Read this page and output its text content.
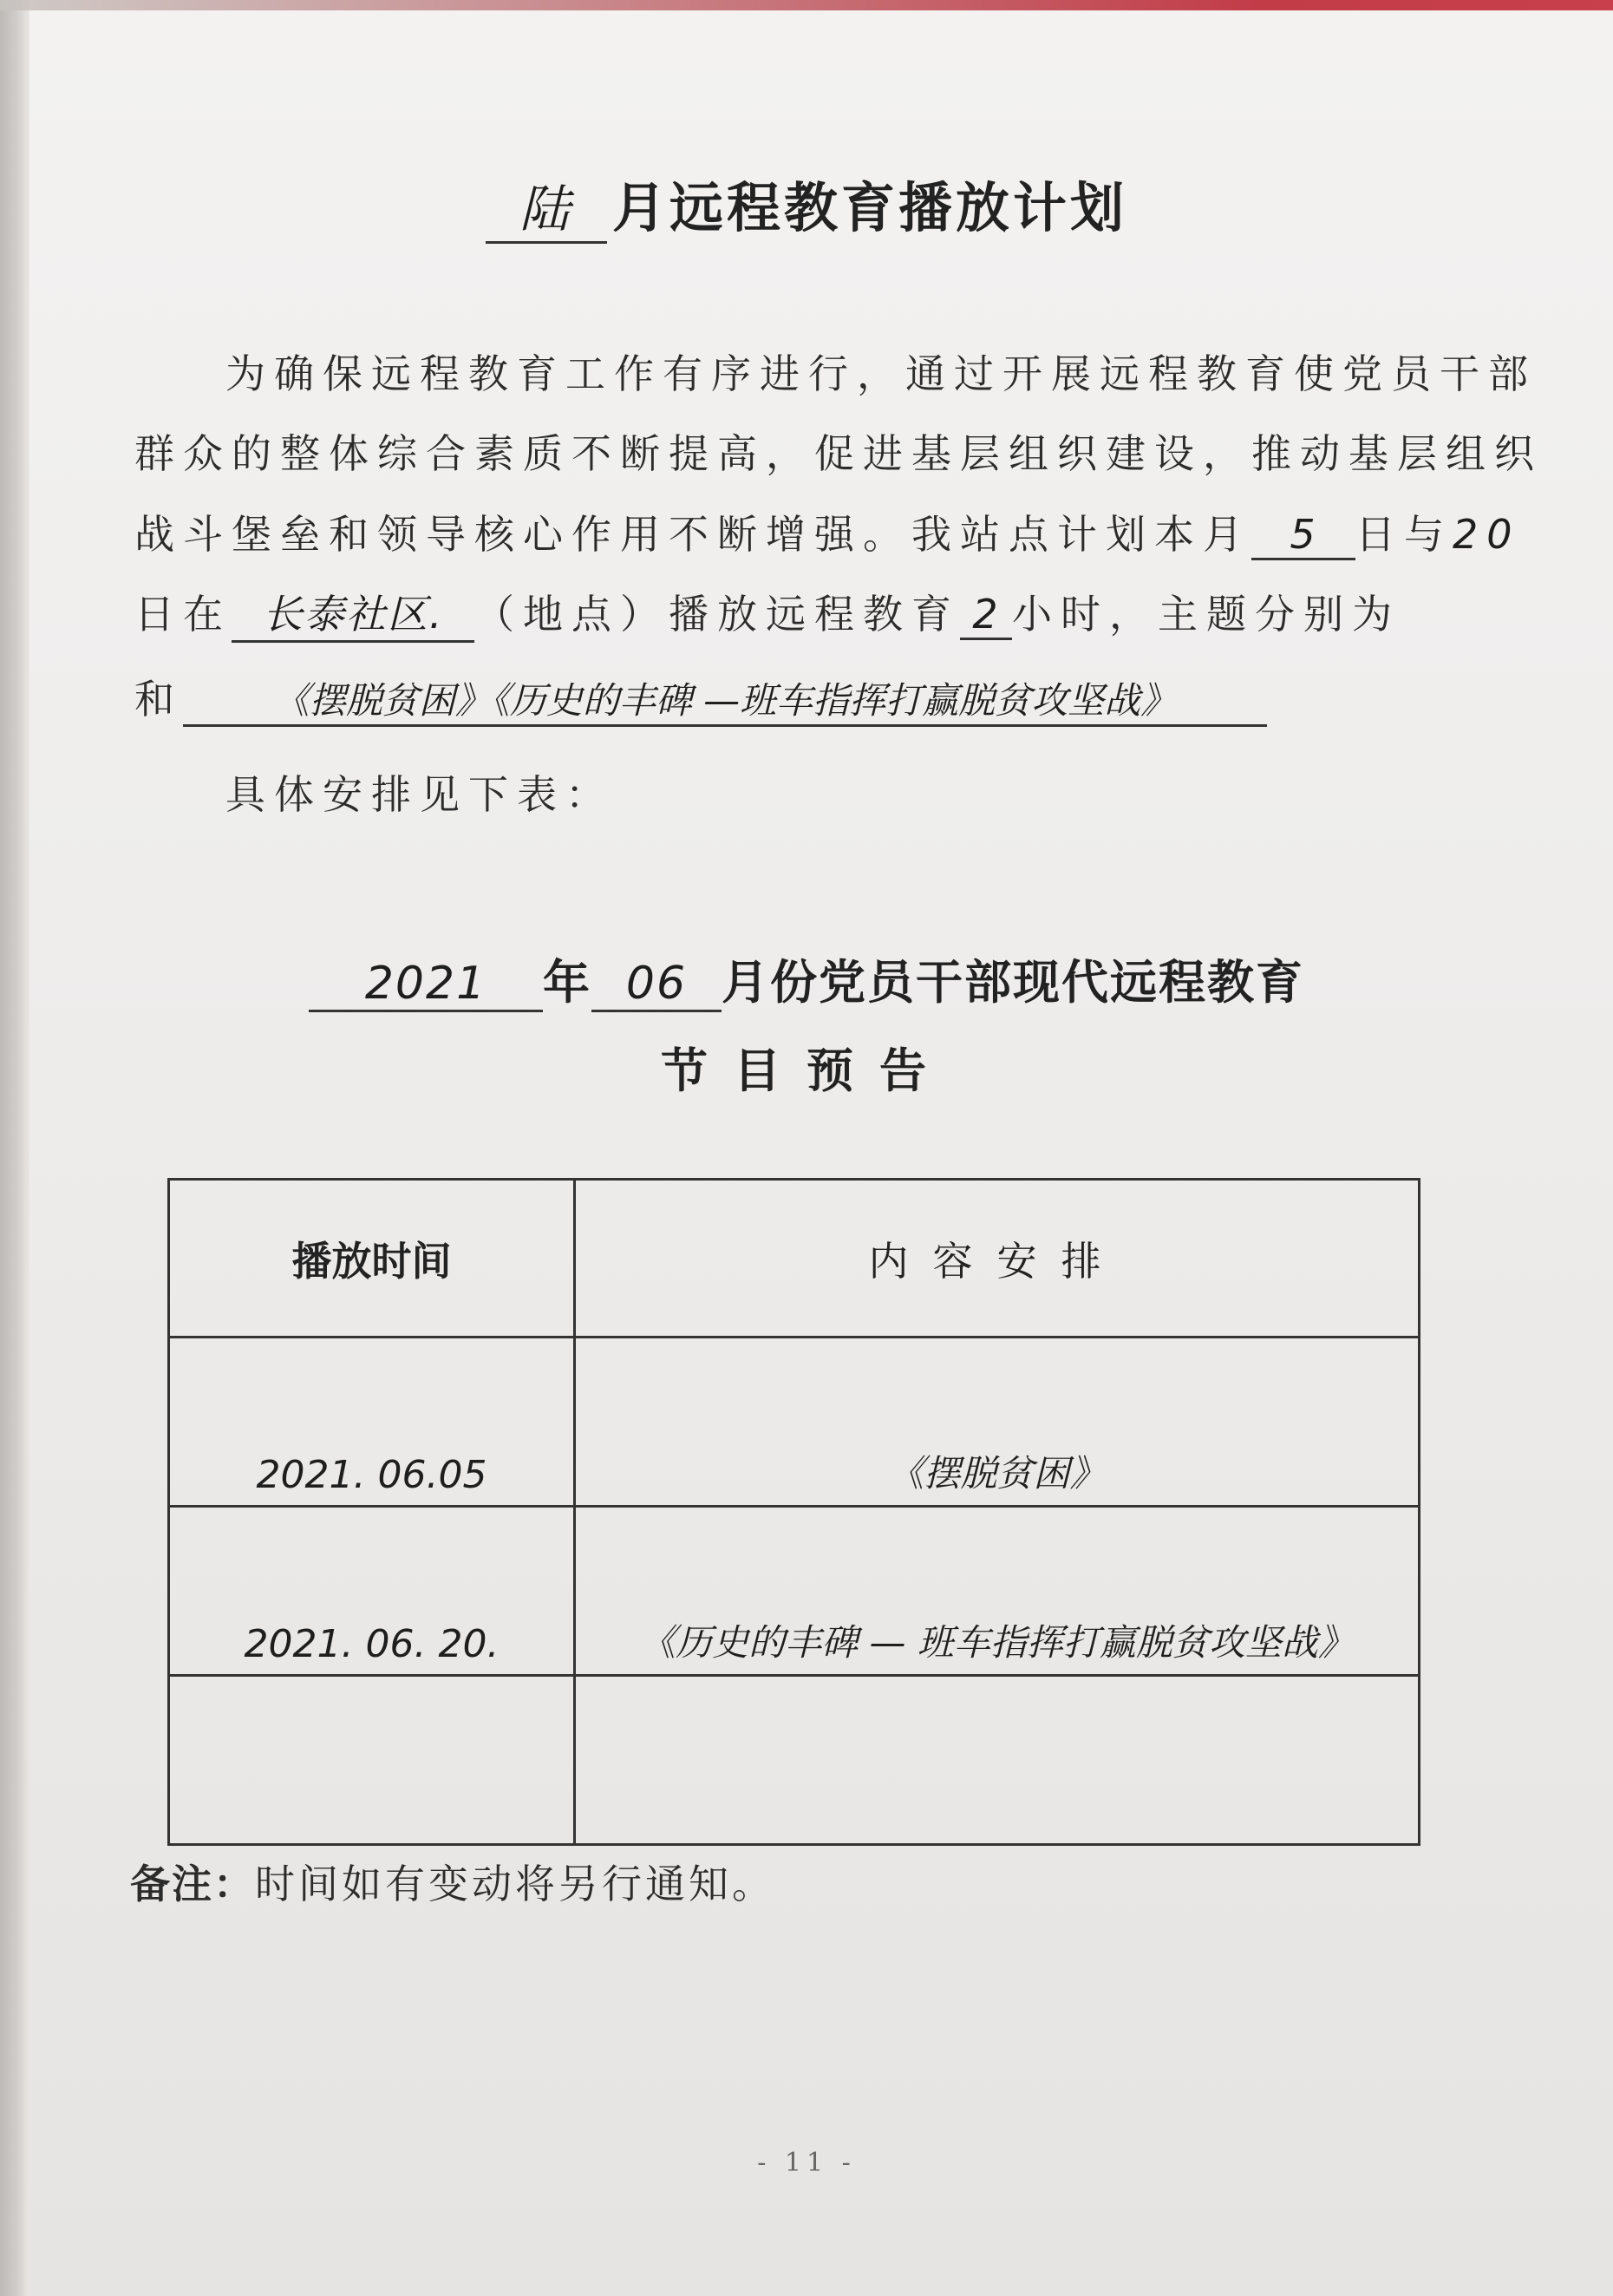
陆 月远程教育播放计划
为确保远程教育工作有序进行，通过开展远程教育使党员干部
群众的整体综合素质不断提高，促进基层组织建设，推动基层组织
战斗堡垒和领导核心作用不断增强。我站点计划本月 5 日与20
日在 长泰社区. （地点）播放远程教育 2 小时，主题分别为
和 《摆脱贫困》《历史的丰碑 —班车指挥打赢脱贫攻坚战》
具体安排见下表：
2021 年 06 月份党员干部现代远程教育
节目预告
播放时间	内容安排

2021. 06.05	《摆脱贫困》

2021. 06. 20.	《历史的丰碑 — 班车指挥打赢脱贫攻坚战》

备注：时间如有变动将另行通知。
- 11 -
